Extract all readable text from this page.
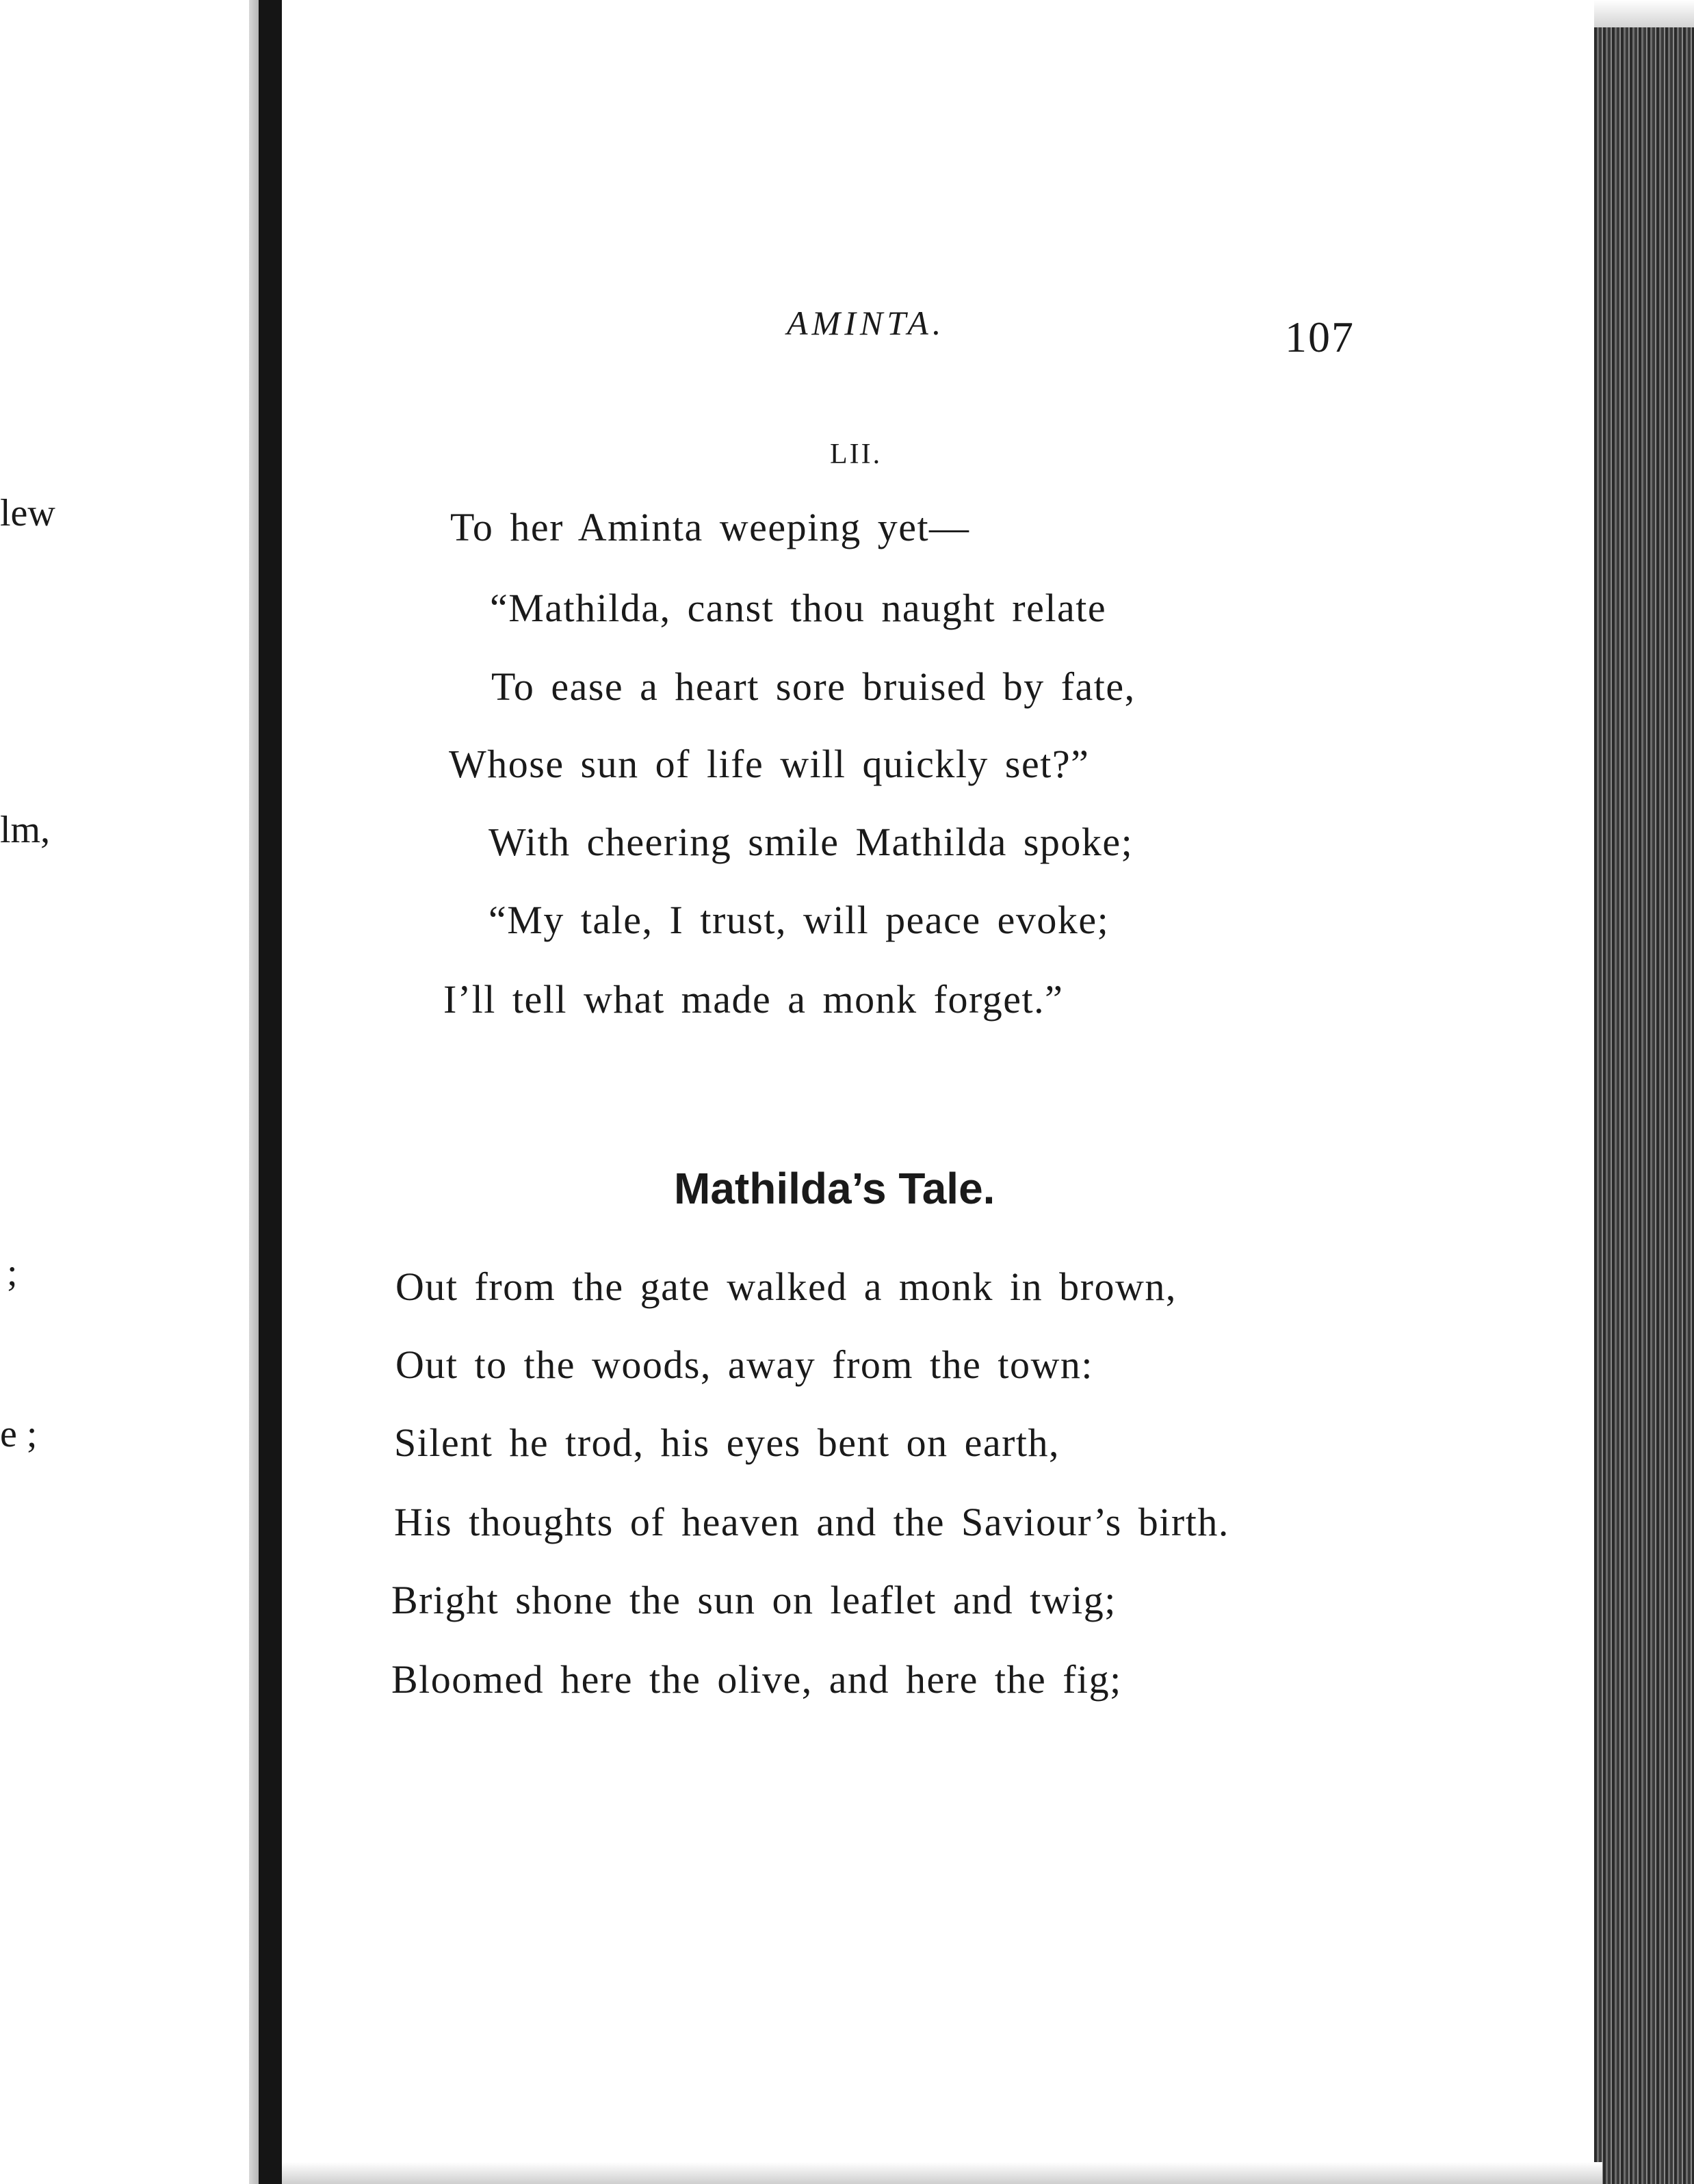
lew
lm,
;
e ;
AMINTA.	107
LII.
To her Aminta weeping yet—
“Mathilda, canst thou naught relate
To ease a heart sore bruised by fate,
Whose sun of life will quickly set?”
With cheering smile Mathilda spoke;
“My tale, I trust, will peace evoke;
I’ll tell what made a monk forget.”
Mathilda’s Tale.
Out from the gate walked a monk in brown,
Out to the woods, away from the town:
Silent he trod, his eyes bent on earth,
His thoughts of heaven and the Saviour’s birth.
Bright shone the sun on leaflet and twig;
Bloomed here the olive, and here the fig;
